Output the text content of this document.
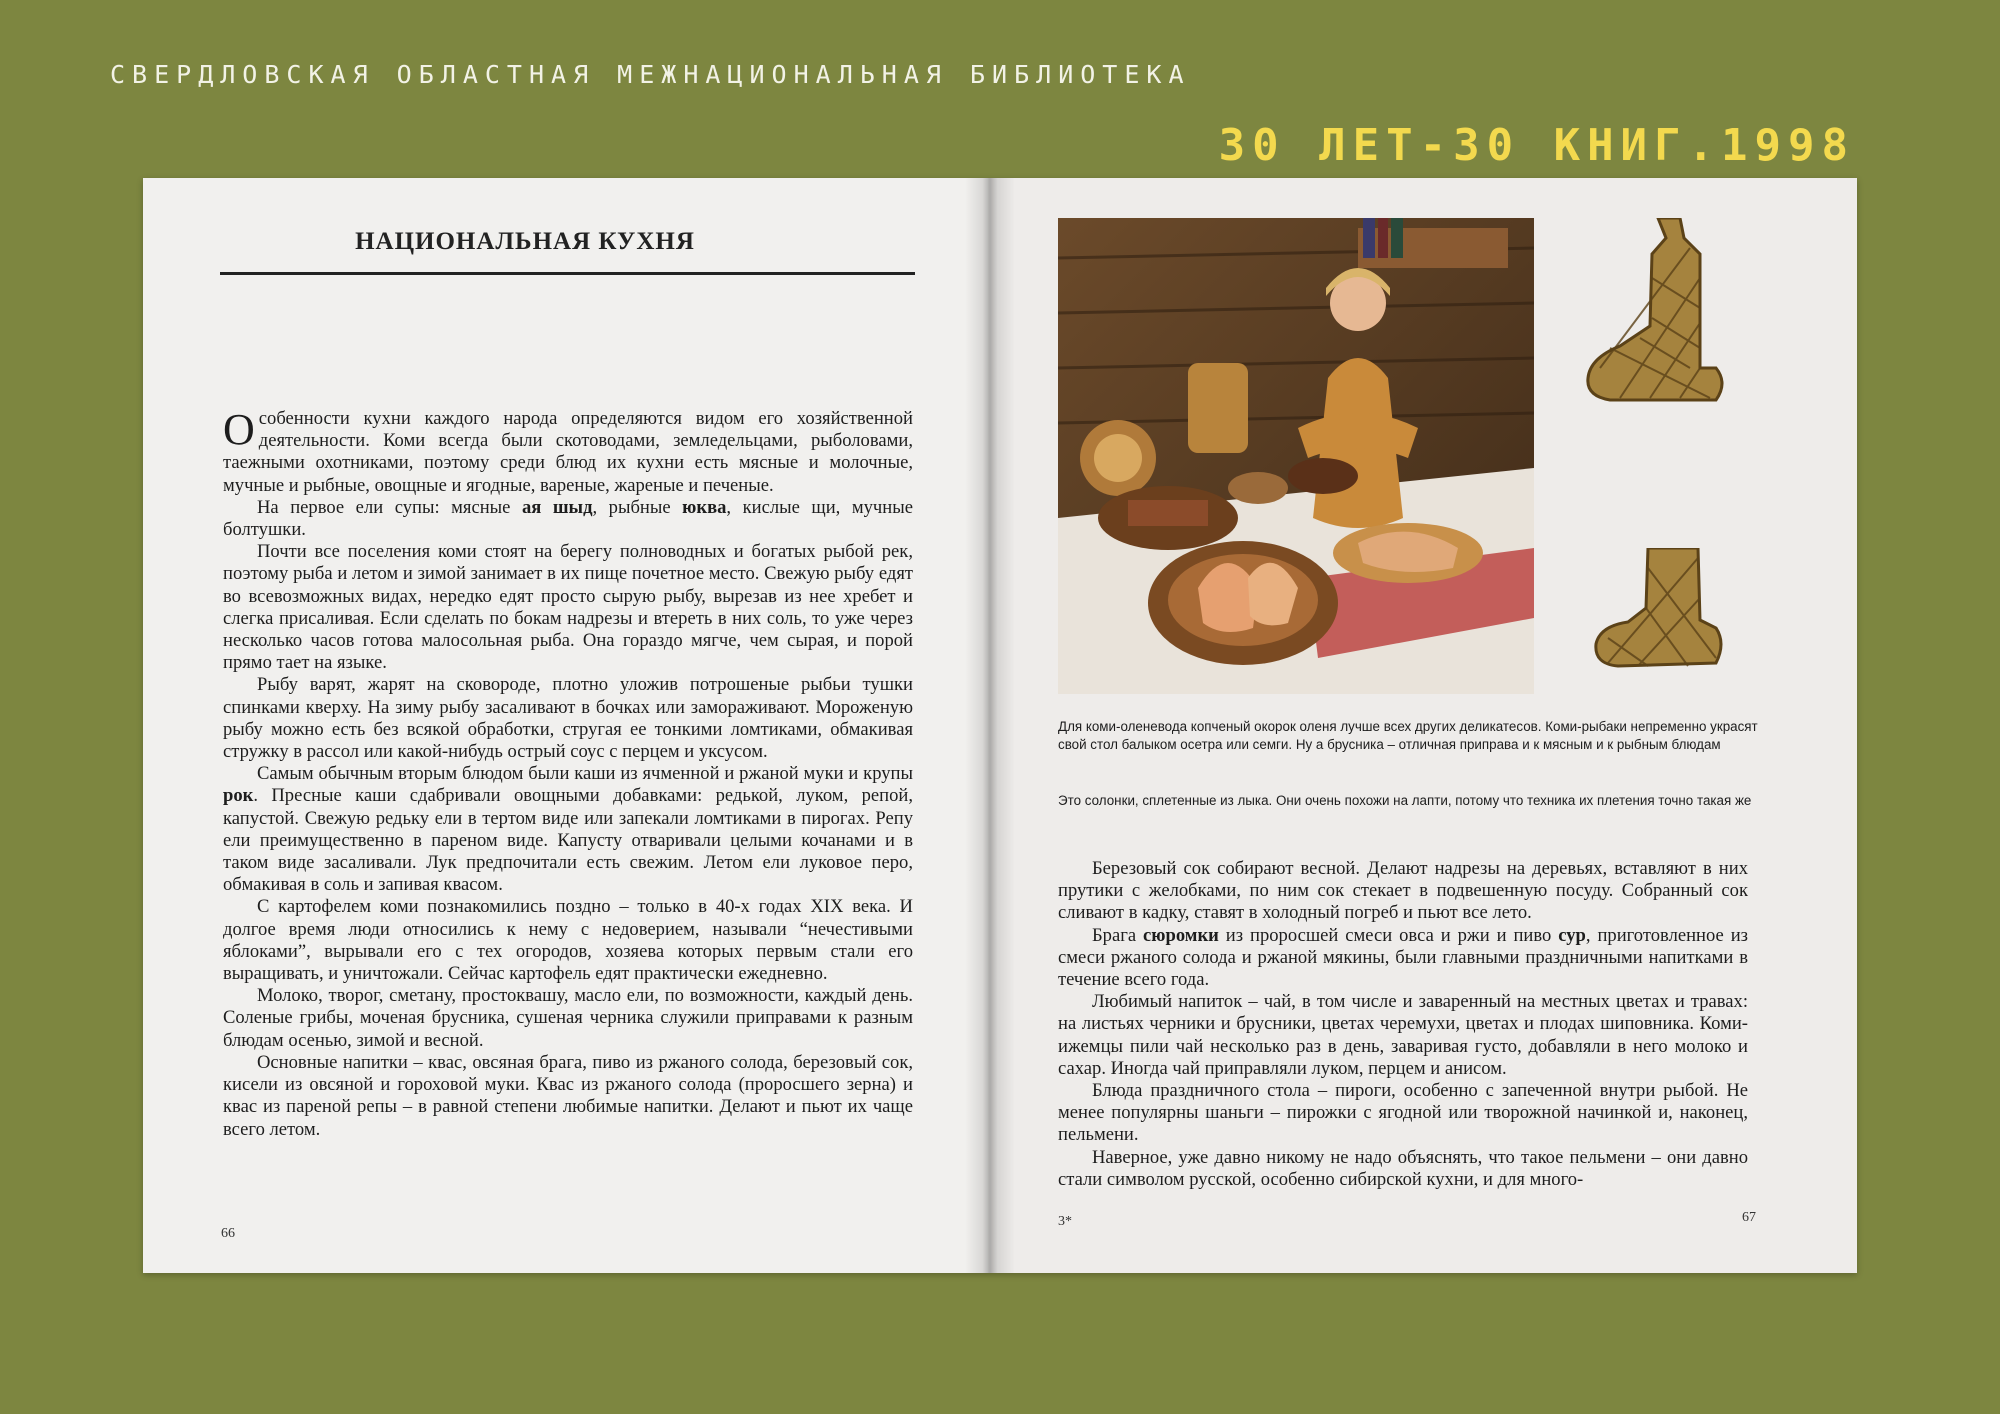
СВЕРДЛОВСКАЯ ОБЛАСТНАЯ МЕЖНАЦИОНАЛЬНАЯ БИБЛИОТЕКА
30 ЛЕТ-30 КНИГ.1998
НАЦИОНАЛЬНАЯ КУХНЯ

Особенности кухни каждого народа определяются видом его хозяйственной деятельности. Коми всегда были скотоводами, земледельцами, рыболовами, таежными охотниками, поэтому среди блюд их кухни есть мясные и молочные, мучные и рыбные, овощные и ягодные, вареные, жареные и печеные.

На первое ели супы: мясные ая шыд, рыбные юква, кислые щи, мучные болтушки.

Почти все поселения коми стоят на берегу полноводных и богатых рыбой рек, поэтому рыба и летом и зимой занимает в их пище почетное место. Свежую рыбу едят во всевозможных видах, нередко едят просто сырую рыбу, вырезав из нее хребет и слегка присаливая. Если сделать по бокам надрезы и втереть в них соль, то уже через несколько часов готова малосольная рыба. Она гораздо мягче, чем сырая, и порой прямо тает на языке.

Рыбу варят, жарят на сковороде, плотно уложив потрошеные рыбьи тушки спинками кверху. На зиму рыбу засаливают в бочках или замораживают. Мороженую рыбу можно есть без всякой обработки, стругая ее тонкими ломтиками, обмакивая стружку в рассол или какой-нибудь острый соус с перцем и уксусом.

Самым обычным вторым блюдом были каши из ячменной и ржаной муки и крупы рок. Пресные каши сдабривали овощными добавками: редькой, луком, репой, капустой. Свежую редьку ели в тертом виде или запекали ломтиками в пирогах. Репу ели преимущественно в пареном виде. Капусту отваривали целыми кочанами и в таком виде засаливали. Лук предпочитали есть свежим. Летом ели луковое перо, обмакивая в соль и запивая квасом.

С картофелем коми познакомились поздно – только в 40-х годах XIX века. И долгое время люди относились к нему с недоверием, называли “нечестивыми яблоками”, вырывали его с тех огородов, хозяева которых первым стали его выращивать, и уничтожали. Сейчас картофель едят практически ежедневно.

Молоко, творог, сметану, простоквашу, масло ели, по возможности, каждый день. Соленые грибы, моченая брусника, сушеная черника служили приправами к разным блюдам осенью, зимой и весной.

Основные напитки – квас, овсяная брага, пиво из ржаного солода, березовый сок, кисели из овсяной и гороховой муки. Квас из ржаного солода (проросшего зерна) и квас из пареной репы – в равной степени любимые напитки. Делают и пьют их чаще всего летом.

66
Для коми-оленевода копченый окорок оленя лучше всех других деликатесов. Коми-рыбаки непременно украсят свой стол балыком осетра или семги. Ну а брусника – отличная приправа и к мясным и к рыбным блюдам
Это солонки, сплетенные из лыка. Они очень похожи на лапти, потому что техника их плетения точно такая же

Березовый сок собирают весной. Делают надрезы на деревьях, вставляют в них прутики с желобками, по ним сок стекает в подвешенную посуду. Собранный сок сливают в кадку, ставят в холодный погреб и пьют все лето.

Брага сюромки из проросшей смеси овса и ржи и пиво сур, приготовленное из смеси ржаного солода и ржаной мякины, были главными праздничными напитками в течение всего года.

Любимый напиток – чай, в том числе и заваренный на местных цветах и травах: на листьях черники и брусники, цветах черемухи, цветах и плодах шиповника. Коми-ижемцы пили чай несколько раз в день, заваривая густо, добавляли в него молоко и сахар. Иногда чай приправляли луком, перцем и анисом.

Блюда праздничного стола – пироги, особенно с запеченной внутри рыбой. Не менее популярны шаньги – пирожки с ягодной или творожной начинкой и, наконец, пельмени.

Наверное, уже давно никому не надо объяснять, что такое пельмени – они давно стали символом русской, особенно сибирской кухни, и для много-

3*	67
